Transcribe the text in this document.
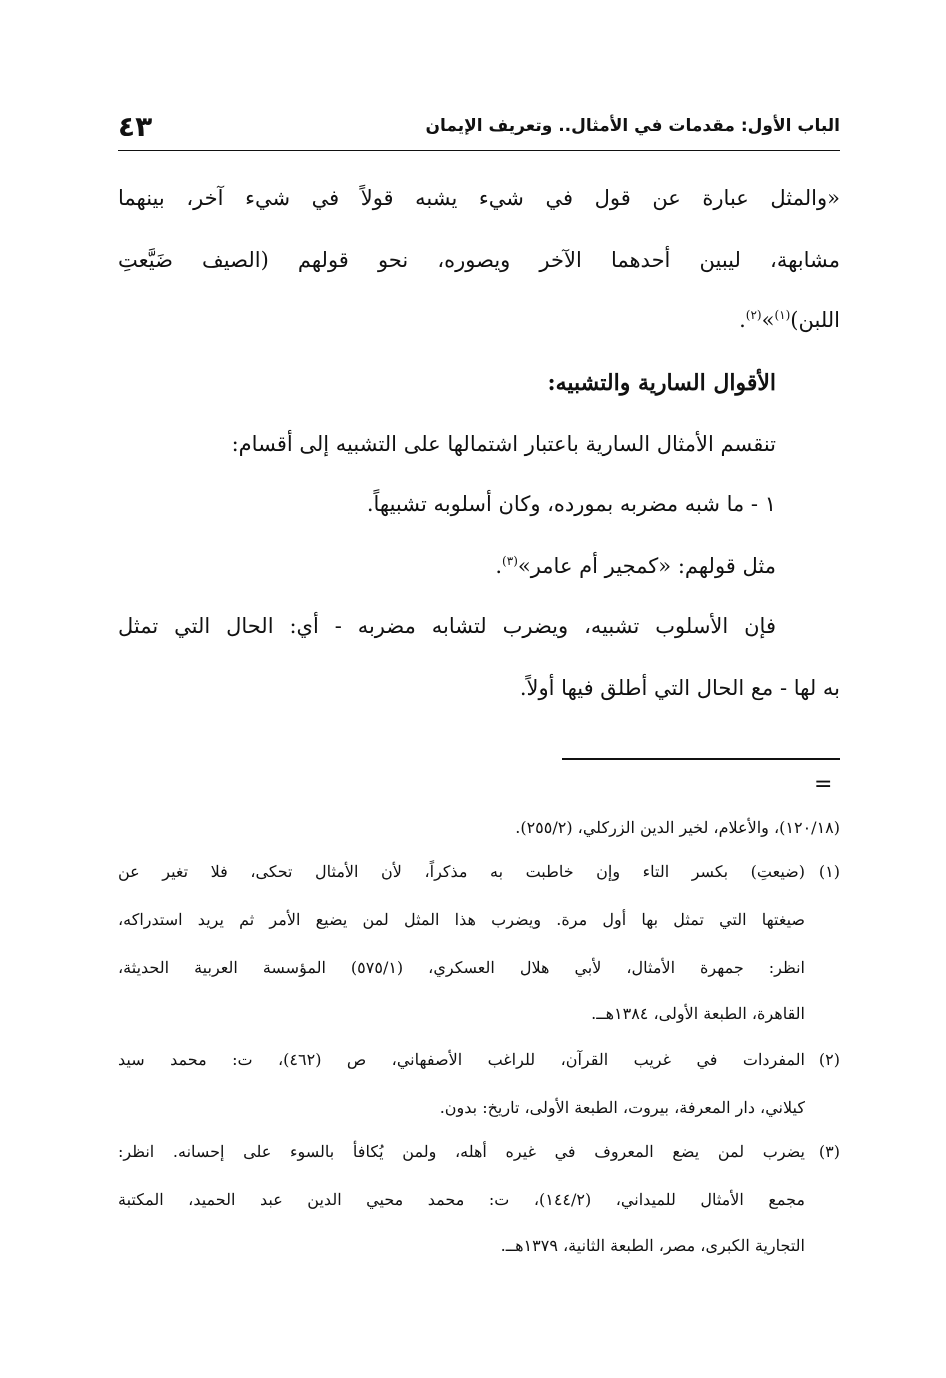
الباب الأول: مقدمات في الأمثال.. وتعريف الإيمان
٤٣
«والمثل عبارة عن قول في شيء يشبه قولاً في شيء آخر، بينهما
مشابهة، ليبين أحدهما الآخر ويصوره، نحو قولهم (الصيف ضَيَّعتِ
اللبن)$^{(١)}$»$^{(٢)}$.
الأقوال السارية والتشبيه:
تنقسم الأمثال السارية باعتبار اشتمالها على التشبيه إلى أقسام:
١ - ما شبه مضربه بمورده، وكان أسلوبه تشبيهاً.
مثل قولهم: «كمجير أم عامر»$^{(٣)}$.
فإن الأسلوب تشبيه، ويضرب لتشابه مضربه - أي: الحال التي تمثل
به لها - مع الحال التي أطلق فيها أولاً.
=
(١٢٠/١٨)، والأعلام، لخير الدين الزركلي، (٢٥٥/٢).
(١)
(ضيعتِ) بكسر التاء وإن خاطبت به مذكراً، لأن الأمثال تحكى، فلا تغير عن
صيغتها التي تمثل بها أول مرة. ويضرب هذا المثل لمن يضيع الأمر ثم يريد استدراكه،
انظر: جمهرة الأمثال، لأبي هلال العسكري، (٥٧٥/١) المؤسسة العربية الحديثة،
القاهرة، الطبعة الأولى، ١٣٨٤هــ.
(٢)
المفردات في غريب القرآن، للراغب الأصفهاني، ص (٤٦٢)، ت: محمد سيد
كيلاني، دار المعرفة، بيروت، الطبعة الأولى، تاريخ: بدون.
(٣)
يضرب لمن يضع المعروف في غيره أهله، ولمن يُكافأ بالسوء على إحسانه. انظر:
مجمع الأمثال للميداني، (١٤٤/٢)، ت: محمد محيي الدين عبد الحميد، المكتبة
التجارية الكبرى، مصر، الطبعة الثانية، ١٣٧٩هــ.
